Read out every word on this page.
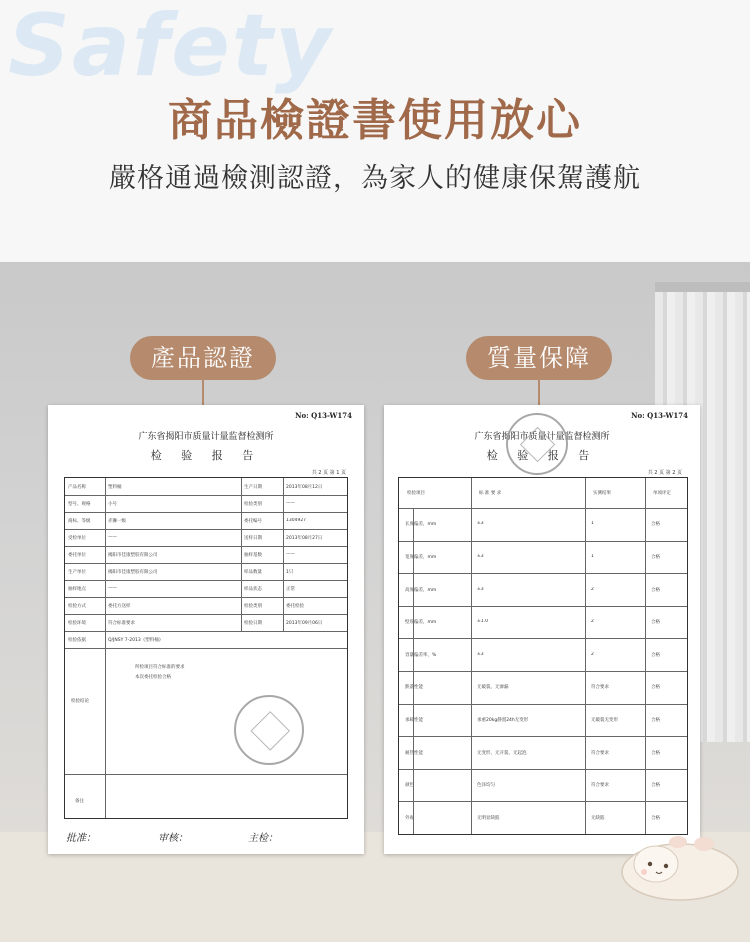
Safety
商品檢證書使用放心
嚴格通過檢測認證，為家人的健康保駕護航
產品認證	質量保障
No: Q13-W174
广东省揭阳市质量计量监督检测所
检 验 报 告
共 2 页 第 1 页
产品名称	塑料桶	生产日期	2013年08月12日
型号、规格	小号	检验类别	——
商标、等级	赤狮一级	委托编号	1304927
受检单位	——	送样日期	2013年08月27日
委托单位	揭阳市佳康塑胶有限公司	抽样基数	——
生产单位	揭阳市佳康塑胶有限公司	样品数量	1只
抽样地点	——	样品状态	正常
检验方式	委托方送样	检验类别	委托检验
检验环境	符合标准要求	检验日期	2013年09月06日
检验依据	Q/JNSY 7-2013《塑料桶》
检验结论
所检项目符合标准的要求
本次委托检验合格
备注
批准：	审核：	主检：
No: Q13-W174
广东省揭阳市质量计量监督检测所
检 验 报 告
共 2 页 第 2 页
检验项目	标 准 要 求	实测结果	单项评定
长度偏差，mm	±3	1	合格
宽度偏差，mm	±3	1	合格
高度偏差，mm	±3	2	合格
壁厚偏差，mm	±1.0	2	合格
容量偏差率，%	±3	2	合格
跌落性能	无破裂、无渗漏	符合要求	合格
承载性能	承重20kg静置24h无变形	无破裂无变形	合格
耐热性能	无变形、无开裂、无起泡	符合要求	合格
颜色	色泽均匀	符合要求	合格
外观	无明显缺陷	无缺陷	合格
